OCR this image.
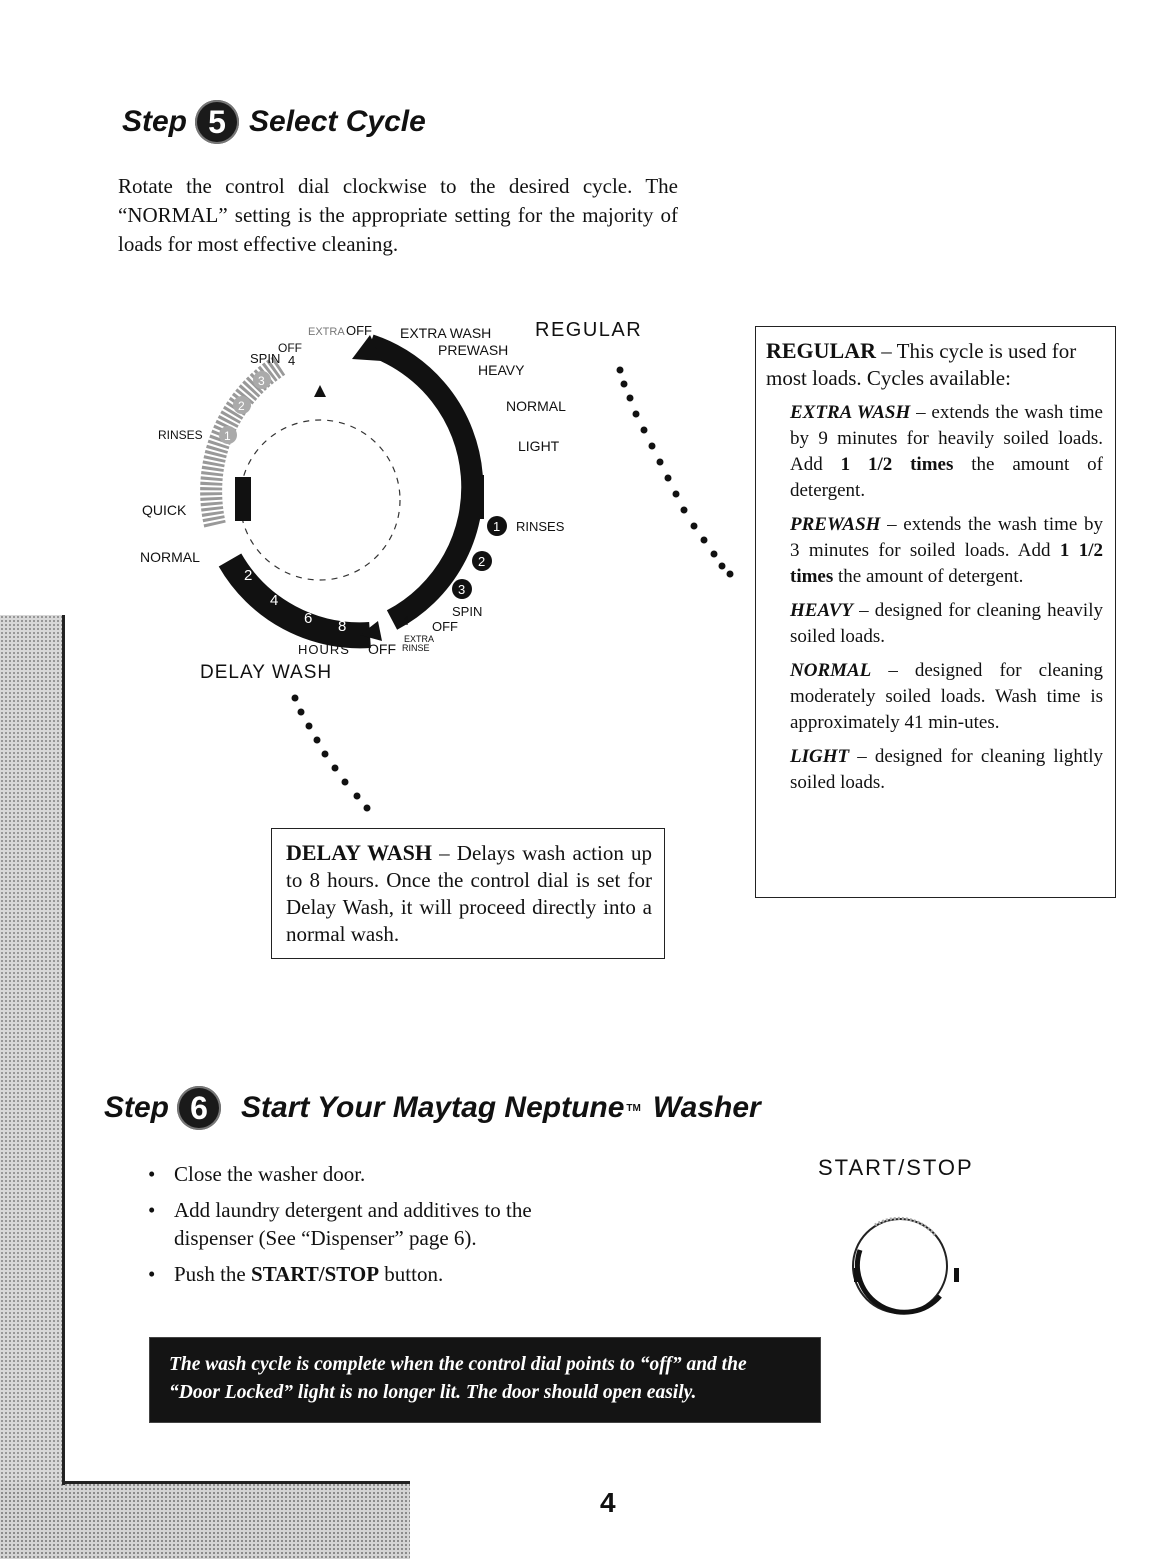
Step 5 Select Cycle
Rotate the control dial clockwise to the desired cycle. The “NORMAL” setting is the appropriate setting for the majority of loads for most effective cleaning.
EXTRA OFF
OFF
EXTRA WASH REGULAR
PREWASH
HEAVY
NORMAL
LIGHT
RINSES
SPIN 4
RINSES
QUICK
NORMAL
1
2
3
1
2
3
2
4
6 8	4
SPIN
OFF
EXTRA
RINSE
HOURS OFF
DELAY WASH
DELAY WASH – Delays wash action up to 8 hours. Once the control dial is set for Delay Wash, it will proceed directly into a normal wash.
REGULAR – This cycle is used for most loads. Cycles available:
EXTRA WASH – extends the wash time by 9 minutes for heavily soiled loads. Add 1 1/2 times the amount of detergent.
PREWASH – extends the wash time by 3 minutes for soiled loads. Add 1 1/2 times the amount of detergent.
HEAVY – designed for cleaning heavily soiled loads.
NORMAL – designed for cleaning moderately soiled loads. Wash time is approximately 41 min-utes.
LIGHT – designed for cleaning lightly soiled loads.
Step 6	Start Your Maytag Neptune TM Washer
• Close the washer door.
• Add laundry detergent and additives to the dispenser (See “Dispenser” page 6).
• Push the START/STOP button.
START/STOP
The wash cycle is complete when the control dial points to “off” and the
“Door Locked” light is no longer lit. The door should open easily.
4
